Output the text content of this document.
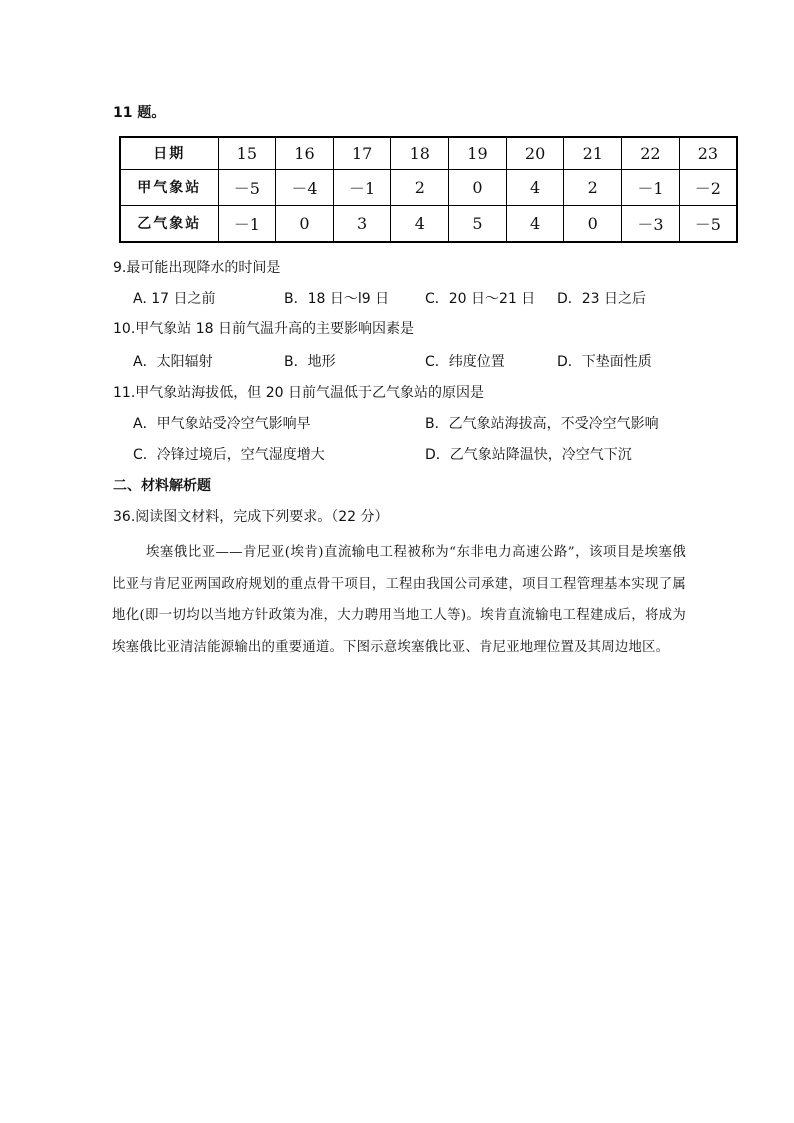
11 题。
日期	15	16	17	18	19	20	21	22	23
甲气象站	－5	－4	－1	2	0	4	2	－1	－2
乙气象站	－1	0	3	4	5	4	0	－3	－5
9.最可能出现降水的时间是
A. 17 日之前	B．18 日～l9 日	C．20 日～21 日 D．23 日之后
10.甲气象站 18 日前气温升高的主要影响因素是
A．太阳辐射	B．地形	C．纬度位置	D．下垫面性质
11.甲气象站海拔低，但 20 日前气温低于乙气象站的原因是
A．甲气象站受冷空气影响早	B．乙气象站海拔高，不受冷空气影响
C．冷锋过境后，空气湿度增大	D．乙气象站降温快，冷空气下沉
二、材料解析题
36.阅读图文材料，完成下列要求。（22 分）
埃塞俄比亚——肯尼亚(埃肯)直流输电工程被称为“东非电力高速公路”，该项目是埃塞俄比亚与肯尼亚两国政府规划的重点骨干项目，工程由我国公司承建，项目工程管理基本实现了属地化(即一切均以当地方针政策为准，大力聘用当地工人等)。埃肯直流输电工程建成后，将成为埃塞俄比亚清洁能源输出的重要通道。下图示意埃塞俄比亚、肯尼亚地理位置及其周边地区。
